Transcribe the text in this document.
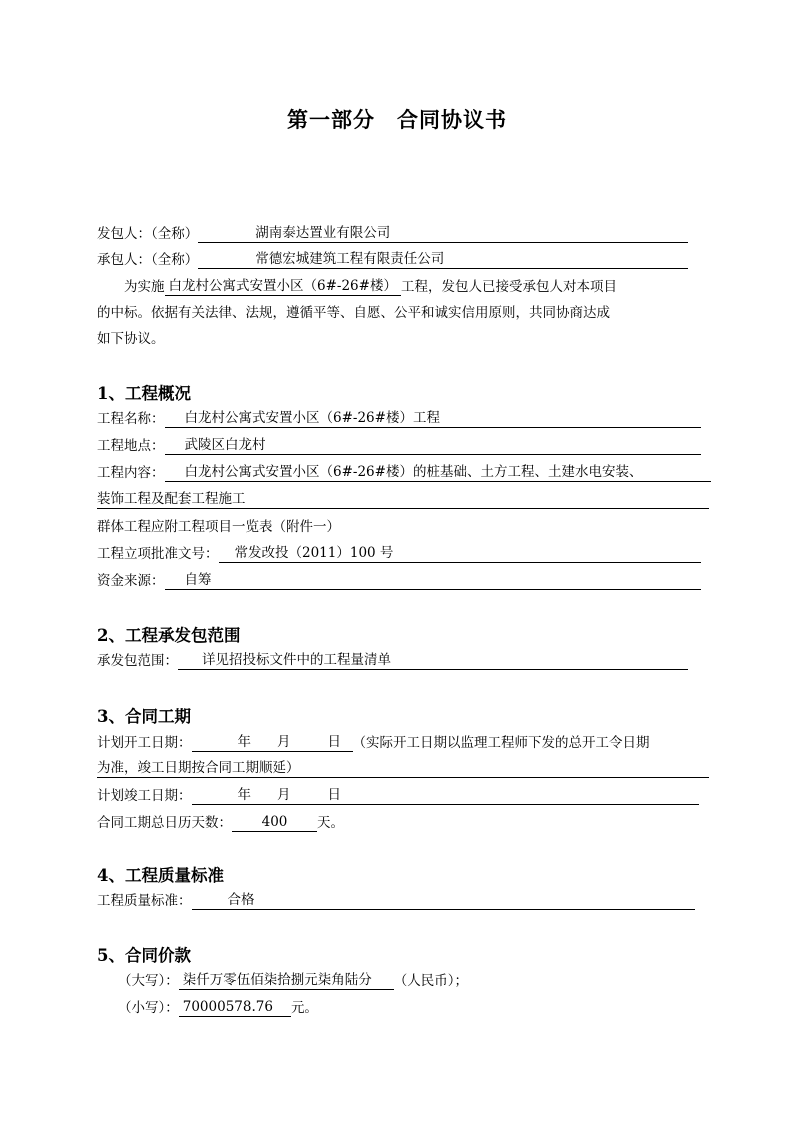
第一部分　合同协议书
发包人：（全称）	湖南泰达置业有限公司
承包人：（全称）	常德宏城建筑工程有限责任公司
为实施 白龙村公寓式安置小区（6#-26#楼） 工程，发包人已接受承包人对本项目
的中标。依据有关法律、法规，遵循平等、自愿、公平和诚实信用原则，共同协商达成
如下协议。
1、工程概况
工程名称： 白龙村公寓式安置小区（6#-26#楼）工程
工程地点： 武陵区白龙村
工程内容： 白龙村公寓式安置小区（6#-26#楼）的桩基础、土方工程、土建水电安装、
装饰工程及配套工程施工
群体工程应附工程项目一览表（附件一）
工程立项批准文号： 常发改投（2011）100 号
资金来源： 自筹
2、工程承发包范围
承发包范围： 详见招投标文件中的工程量清单
3、合同工期
计划开工日期：	年 月	日 （实际开工日期以监理工程师下发的总开工令日期
为准，竣工日期按合同工期顺延）
计划竣工日期：	年 月	日
合同工期总日历天数： 400 天。
4、工程质量标准
工程质量标准：	合格
5、合同价款
（大写）： 柒仟万零伍佰柒拾捌元柒角陆分 （人民币）；
（小写）： 70000578.76 元。
